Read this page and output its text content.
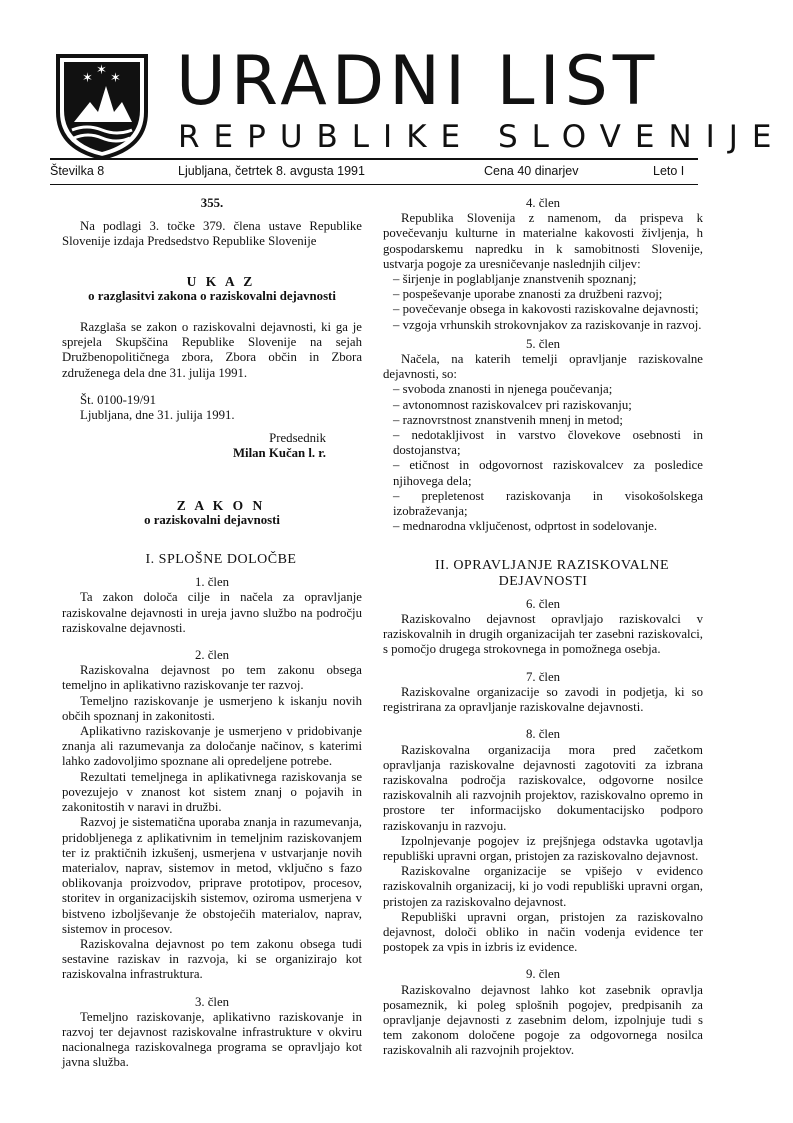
✶ ✶
✶ URADNI LIST
REPUBLIKE SLOVENIJE
Številka 8	Ljubljana, četrtek 8. avgusta 1991	Cena 40 dinarjev	Leto I

355.

Na podlagi 3. točke 379. člena ustave Republike Slovenije izdaja Predsedstvo Republike Slovenije

U K A Z

o razglasitvi zakona o raziskovalni dejavnosti

Razglaša se zakon o raziskovalni dejavnosti, ki ga je sprejela Skupščina Republike Slovenije na sejah Družbenopolitičnega zbora, Zbora občin in Zbora združenega dela dne 31. julija 1991.

Št. 0100-19/91

Ljubljana, dne 31. julija 1991.

Predsednik

Milan Kučan l. r.

Z A K O N

o raziskovalni dejavnosti

I. SPLOŠNE DOLOČBE

1. člen

Ta zakon določa cilje in načela za opravljanje raziskovalne dejavnosti in ureja javno službo na področju raziskovalne dejavnosti.

2. člen

Raziskovalna dejavnost po tem zakonu obsega temeljno in aplikativno raziskovanje ter razvoj.

Temeljno raziskovanje je usmerjeno k iskanju novih občih spoznanj in zakonitosti.

Aplikativno raziskovanje je usmerjeno v pridobivanje znanja ali razumevanja za določanje načinov, s katerimi lahko zadovoljimo spoznane ali opredeljene potrebe.

Rezultati temeljnega in aplikativnega raziskovanja se povezujejo v znanost kot sistem znanj o pojavih in zakonitostih v naravi in družbi.

Razvoj je sistematična uporaba znanja in razumevanja, pridobljenega z aplikativnim in temeljnim raziskovanjem ter iz praktičnih izkušenj, usmerjena v ustvarjanje novih materialov, naprav, sistemov in metod, vključno s fazo oblikovanja proizvodov, priprave prototipov, procesov, storitev in organizacijskih sistemov, oziroma usmerjena v bistveno izboljševanje že obstoječih materialov, naprav, sistemov in procesov.

Raziskovalna dejavnost po tem zakonu obsega tudi sestavine raziskav in razvoja, ki se organizirajo kot raziskovalna infrastruktura.

3. člen

Temeljno raziskovanje, aplikativno raziskovanje in razvoj ter dejavnost raziskovalne infrastrukture v okviru nacionalnega raziskovalnega programa se opravljajo kot javna služba.

4. člen

Republika Slovenija z namenom, da prispeva k povečevanju kulturne in materialne kakovosti življenja, h gospodarskemu napredku in k samobitnosti Slovenije, ustvarja pogoje za uresničevanje naslednjih ciljev:

– širjenje in poglabljanje znanstvenih spoznanj;

– pospeševanje uporabe znanosti za družbeni razvoj;

– povečevanje obsega in kakovosti raziskovalne dejavnosti;

– vzgoja vrhunskih strokovnjakov za raziskovanje in razvoj.

5. člen

Načela, na katerih temelji opravljanje raziskovalne dejavnosti, so:

– svoboda znanosti in njenega poučevanja;

– avtonomnost raziskovalcev pri raziskovanju;

– raznovrstnost znanstvenih mnenj in metod;

– nedotakljivost in varstvo človekove osebnosti in dostojanstva;

– etičnost in odgovornost raziskovalcev za posledice njihovega dela;

– prepletenost raziskovanja in visokošolskega izobraževanja;

– mednarodna vključenost, odprtost in sodelovanje.

II. OPRAVLJANJE RAZISKOVALNE DEJAVNOSTI

6. člen

Raziskovalno dejavnost opravljajo raziskovalci v raziskovalnih in drugih organizacijah ter zasebni raziskovalci, s pomočjo drugega strokovnega in pomožnega osebja.

7. člen

Raziskovalne organizacije so zavodi in podjetja, ki so registrirana za opravljanje raziskovalne dejavnosti.

8. člen

Raziskovalna organizacija mora pred začetkom opravljanja raziskovalne dejavnosti zagotoviti za izbrana raziskovalna področja raziskovalce, odgovorne nosilce raziskovalnih ali razvojnih projektov, raziskovalno opremo in prostore ter informacijsko dokumentacijsko podporo raziskovanju in razvoju.

Izpolnjevanje pogojev iz prejšnjega odstavka ugotavlja republiški upravni organ, pristojen za raziskovalno dejavnost.

Raziskovalne organizacije se vpišejo v evidenco raziskovalnih organizacij, ki jo vodi republiški upravni organ, pristojen za raziskovalno dejavnost.

Republiški upravni organ, pristojen za raziskovalno dejavnost, določi obliko in način vodenja evidence ter postopek za vpis in izbris iz evidence.

9. člen

Raziskovalno dejavnost lahko kot zasebnik opravlja posameznik, ki poleg splošnih pogojev, predpisanih za opravljanje dejavnosti z zasebnim delom, izpolnjuje tudi s tem zakonom določene pogoje za odgovornega nosilca raziskovalnih ali razvojnih projektov.
